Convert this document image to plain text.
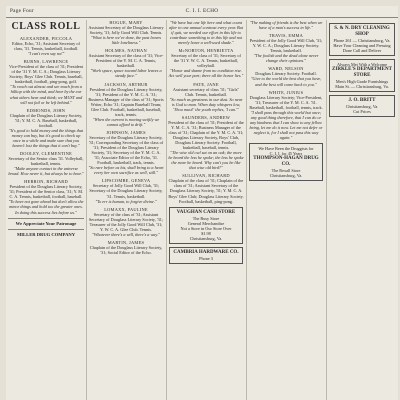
Page Four	C. I. I. ECHO
CLASS ROLL
ALEXANDER, PICCOLA
Editor, Echo, '31; Assistant Secretary of class, '31. Tennis, basketball, football.
"I can't even say no!"
BURNS, LAWRENCE
Vice-President of the class of '31; President of the '31 Y. M. C. A.; Douglass Literary Society; Boys' Glee Club. Tennis, baseball, basketball, football, ping-pong, golf.
"To reach out almost and see much from a hilltop with the mind, and hear by the ear what others hear and think; we MUST and will not fail or be left behind."
EDMONDS, JOHN
Chaplain of the Douglass Literary Society, '31; Y. M. C. A. Baseball, basketball, football.
"It's good to hold money and the things that money can buy, but it's good to check up once in a while and make sure that you haven't lost the things that it can't buy."
DOOLEY, CLEMENTINE
Secretary of the Senior class '31. Volleyball, basketball, tennis.
"Make anyone contact in the universe broad. How never it, but always be to hear."
HERRON, RICHARD
President of the Douglass Literary Society, '31; President of the Senior class, '31; Y. M. C. A. Tennis, basketball, football, baseball.
"To have not gone ahead but don't allow the minor things and hold too the greater ones. In doing this success lies before us."
We Appreciate Your Patronage
MILLER DRUG COMPANY
HOGUE, MARY
Assistant Secretary of the Douglass Literary Society, '31; Jolly Good Will Club. Tennis.
"What is here we've done, the past leaves little loneliness."
HOLMES, NATHAN
Assistant Secretary of the class of '31; Vice-President of the Y. M. C. A. Tennis, basketball.
"Work space, space toward labor leaves a steady face."
JACKSON, ARTHUR
President of the Douglass Literary Society, '31; President of the Y. M. C. A. '31; Business Manager of the class of '31; Sports Writer, Echo '31; Captain Baseball Team; Glee Club. Football, basketball, baseball, track, tennis.
"When the current is moving swiftly we cannot afford to drift."
JOHNSON, JAMES
Secretary of the Douglass Literary Society, '31; Corresponding Secretary of the class of '31; President of the Douglass Literary Society, '31; Secretary of the Y. M. C. A. '31; Associate Editor of the Echo, '31. Football, basketball, track, tennis.
"So rare before as his, shall bring to a heart every her own sacrifice as well, still."
LIPSCOMBE, GENEVA
Secretary of Jolly Good Will Club, '31; Secretary of the Douglass Literary Society, '31. Tennis, basketball.
"To err is human, to forgive divine."
LOMAXX, PAULINE
Secretary of the class of '31; Assistant Secretary of Douglass Literary Society, '31; Treasurer of the Jolly Good Will Club, '31; Y. W. C. A. Glee Club. Tennis.
"Whatever there's a will, there's a way."
MARTIN, JAMES
Chaplain of the Douglass Literary Society, '31; Social Editor of the Echo.
"We have but one life here and what count after in one annual contrast every year. But if quit, we needed our effort in this life to contribute something to in this life and not merely leave a well-used shade."
McNORTON, HENRIETTA
Secretary of the class of '31; Secretary of the '31 Y. W. C. A. Tennis, basketball, volleyball.
"Honor and shame from no condition rise. Act well your part; there all the honor lies."
PATE, JANE
Assistant secretary of class '31; "Girls" Club. Tennis, basketball.
"So much as greatness in our dust. So near is God to man. When duty whispers low, 'Thou must!' the youth replies, 'I can.'"
SAUNDERS, ANDREW
President of the class of '31; President of the Y. M. C. A. '31; Business Manager of the class of '31; Chaplain of the Y. M. C. A. '31; Douglass Literary Society, Boys' Club, Douglass Literary Society. Football, basketball, baseball, tennis.
"The wise old owl sat on an oak; the more he heard the less he spoke; the less he spoke the more he heard. Why can't you be like that wise old bird?"
SULLIVAN, RICHARD
Chaplain of the class of '31; Chaplain of the class of '31; Assistant Secretary of the Douglass Literary Society, '31; Y. M. C. A. Boys' Glee Club; Douglass Literary Society. Football, basketball, ping-pong.
VAUGHAN CASH STORE
The Busy Store
General Merchandise
Not a Store in Our Store Over
$1.98
Christiansburg, Va.
CAMBRIA HARDWARE CO.
Phone 3
"The making of friends is the best when we have of a man's success in life."
TRAVIS, EMMA
President of the Jolly Good Will Club, '31; Y. W. C. A.; Douglass Literary Society. Tennis, basketball.
"The foolish and the dead alone never change their opinions."
WARD, NELSON
Douglass Literary Society. Football.
"Give to the world the best that you have, and the best will come back to you."
WHITE, JUNIUS
Douglass Literary Society; Vice-President, '31; Treasurer of the Y. M. C. A. '31. Baseball, basketball, football, tennis, track.
"I shall pass through this world but once; any good thing therefore, that I can do or any kindness that I can show to any fellow being, let me do it now. Let me not defer or neglect it, for I shall not pass this way again."
We Have Been the Druggists for
C. I. I. for 45 Years
THOMPSON-HAGAN DRUG CO.
The Rexall Store
Christiansburg, Va.
S. & N. DRY CLEANING SHOP
Phone 261 — Christiansburg, Va.
Have Your Cleaning and Pressing
Done Call and Deliver
Always Met With a Welcome
ZIRKLE'S DEPARTMENT STORE
Men's High Grade Furnishings
Main St. — Christiansburg, Va.
J. O. BRITT
Christiansburg, Va.
Cut Prices
